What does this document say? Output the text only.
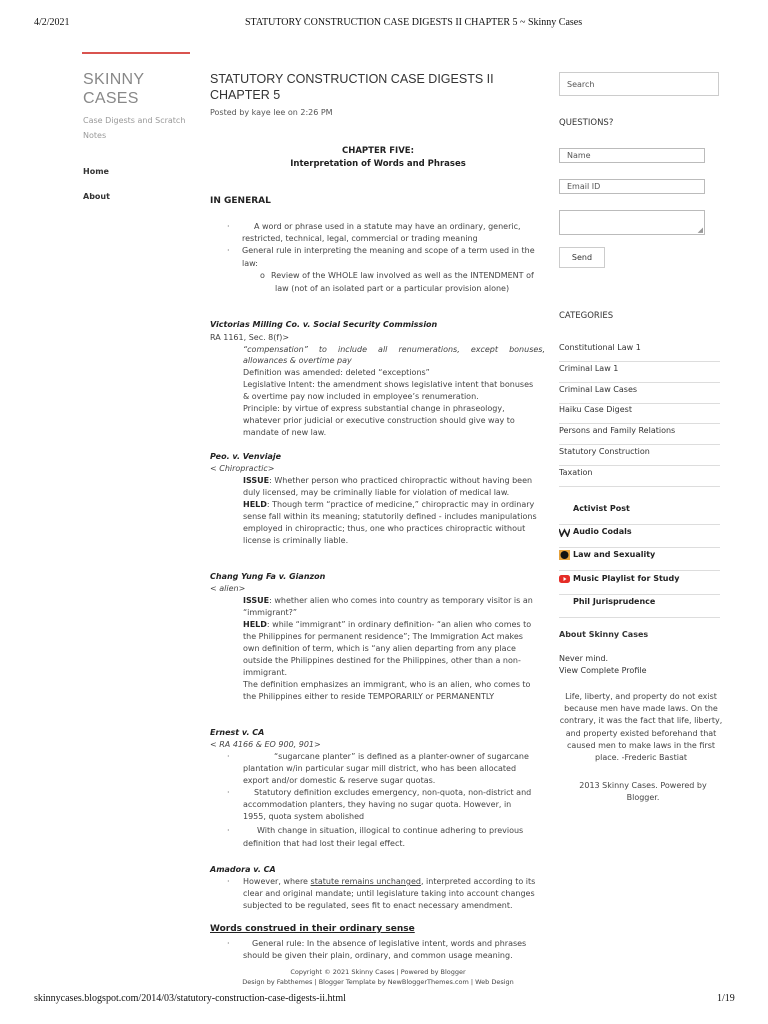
4/2/2021	STATUTORY CONSTRUCTION CASE DIGESTS II CHAPTER 5 ~ Skinny Cases
skinnycases.blogspot.com/2014/03/statutory-construction-case-digests-ii.html	1/19
SKINNY
CASES
Case Digests and Scratch Notes
Home
About
STATUTORY CONSTRUCTION CASE DIGESTS II
CHAPTER 5
Posted by kaye lee on 2:26 PM
CHAPTER FIVE:
Interpretation of Words and Phrases
IN GENERAL
·	A word or phrase used in a statute may have an ordinary, generic,
restricted, technical, legal, commercial or trading meaning
· General rule in interpreting the meaning and scope of a term used in the
law:
o Review of the WHOLE law involved as well as the INTENDMENT of
law (not of an isolated part or a particular provision alone)
Victorias Milling Co. v. Social Security Commission
RA 1161, Sec. 8(f)>
“compensation” to include all renumerations, except bonuses,
allowances & overtime pay
Definition was amended: deleted “exceptions”
Legislative Intent: the amendment shows legislative intent that bonuses
& overtime pay now included in employee’s renumeration.
Principle: by virtue of express substantial change in phraseology,
whatever prior judicial or executive construction should give way to
mandate of new law.
Peo. v. Venviaje
< Chiropractic>
ISSUE: Whether person who practiced chiropractic without having been
duly licensed, may be criminally liable for violation of medical law.
HELD: Though term “practice of medicine,” chiropractic may in ordinary
sense fall within its meaning; statutorily defined - includes manipulations
employed in chiropractic; thus, one who practices chiropractic without
license is criminally liable.
Chang Yung Fa v. Gianzon
< alien>
ISSUE: whether alien who comes into country as temporary visitor is an
“immigrant?”
HELD: while “immigrant” in ordinary definition- “an alien who comes to
the Philippines for permanent residence”; The Immigration Act makes
own definition of term, which is “any alien departing from any place
outside the Philippines destined for the Philippines, other than a non-
immigrant.
The definition emphasizes an immigrant, who is an alien, who comes to
the Philippines either to reside TEMPORARILY or PERMANENTLY
Ernest v. CA
< RA 4166 & EO 900, 901>
·	“sugarcane planter” is defined as a planter-owner of sugarcane
plantation w/in particular sugar mill district, who has been allocated
export and/or domestic & reserve sugar quotas.
·	Statutory definition excludes emergency, non-quota, non-district and
accommodation planters, they having no sugar quota. However, in
1955, quota system abolished
·	With change in situation, illogical to continue adhering to previous
definition that had lost their legal effect.
Amadora v. CA
· However, where statute remains unchanged, interpreted according to its
clear and original mandate; until legislature taking into account changes
subjected to be regulated, sees fit to enact necessary amendment.
Words construed in their ordinary sense
·	General rule: In the absence of legislative intent, words and phrases
should be given their plain, ordinary, and common usage meaning.
Copyright © 2021 Skinny Cases | Powered by Blogger
Design by Fabthemes | Blogger Template by NewBloggerThemes.com | Web Design
Search
QUESTIONS?
Name
Email ID
◢
Send
CATEGORIES
Constitutional Law 1
Criminal Law 1
Criminal Law Cases
Haiku Case Digest
Persons and Family Relations
Statutory Construction
Taxation
Activist Post
Audio Codals
Law and Sexuality
Music Playlist for Study
Phil Jurisprudence
About Skinny Cases
Never mind.
View Complete Profile
Life, liberty, and property do not exist
because men have made laws. On the
contrary, it was the fact that life, liberty,
and property existed beforehand that
caused men to make laws in the first
place. -Frederic Bastiat
2013 Skinny Cases. Powered by
Blogger.
